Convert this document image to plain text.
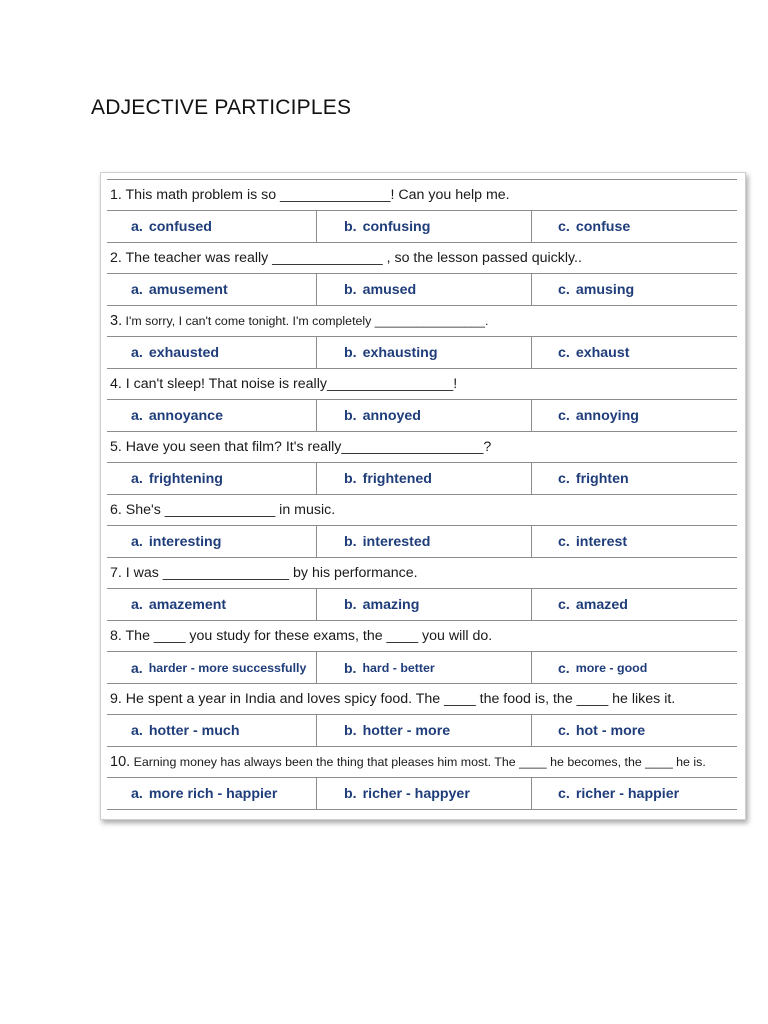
ADJECTIVE PARTICIPLES
1. This math problem is so ______________! Can you help me.
a. confused	b. confusing	c. confuse
2. The teacher was really ______________ , so the lesson passed quickly..
a. amusement	b. amused	c. amusing
3.
I'm sorry, I can't come tonight. I'm completely ________________.
a. exhausted	b. exhausting	c. exhaust
4. I can't sleep! That noise is really________________!
a. annoyance	b. annoyed	c. annoying
5. Have you seen that film? It's really__________________?
a. frightening	b. frightened	c. frighten
6. She's ______________ in music.
a. interesting	b. interested	c. interest
7. I was ________________ by his performance.
a. amazement	b. amazing	c. amazed
8. The ____ you study for these exams, the ____ you will do.
a. harder - more successfully	b. hard - better	c. more - good
9. He spent a year in India and loves spicy food. The ____ the food is, the ____ he likes it.
a. hotter - much	b. hotter - more	c. hot - more
10.
Earning money has always been the thing that pleases him most. The ____ he becomes, the ____ he is.
a. more rich - happier	b. richer - happyer	c. richer - happier
